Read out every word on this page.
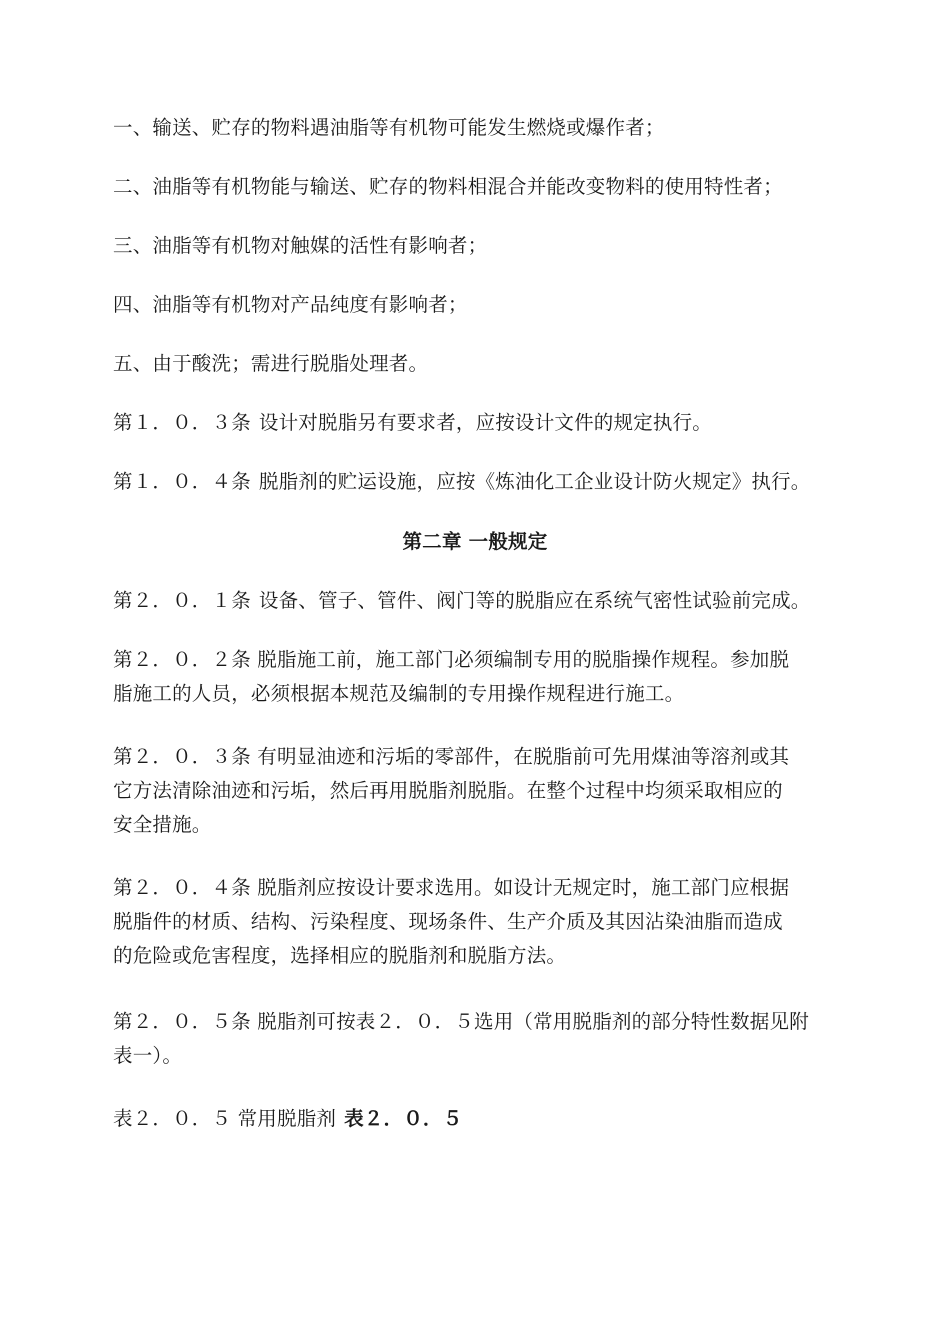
一、输送、贮存的物料遇油脂等有机物可能发生燃烧或爆作者；
二、油脂等有机物能与输送、贮存的物料相混合并能改变物料的使用特性者；
三、油脂等有机物对触媒的活性有影响者；
四、油脂等有机物对产品纯度有影响者；
五、由于酸洗；需进行脱脂处理者。
第１．０．３条 设计对脱脂另有要求者，应按设计文件的规定执行。
第１．０．４条 脱脂剂的贮运设施，应按《炼油化工企业设计防火规定》执行。
第二章 一般规定
第２．０．１条 设备、管子、管件、阀门等的脱脂应在系统气密性试验前完成。
第２．０．２条 脱脂施工前，施工部门必须编制专用的脱脂操作规程。参加脱
脂施工的人员，必须根据本规范及编制的专用操作规程进行施工。
第２．０．３条 有明显油迹和污垢的零部件，在脱脂前可先用煤油等溶剂或其
它方法清除油迹和污垢，然后再用脱脂剂脱脂。在整个过程中均须采取相应的
安全措施。
第２．０．４条 脱脂剂应按设计要求选用。如设计无规定时，施工部门应根据
脱脂件的材质、结构、污染程度、现场条件、生产介质及其因沾染油脂而造成
的危险或危害程度，选择相应的脱脂剂和脱脂方法。
第２．０．５条 脱脂剂可按表２．０．５选用（常用脱脂剂的部分特性数据见附
表一）。
表２．０．５ 常用脱脂剂 表２．０．５
